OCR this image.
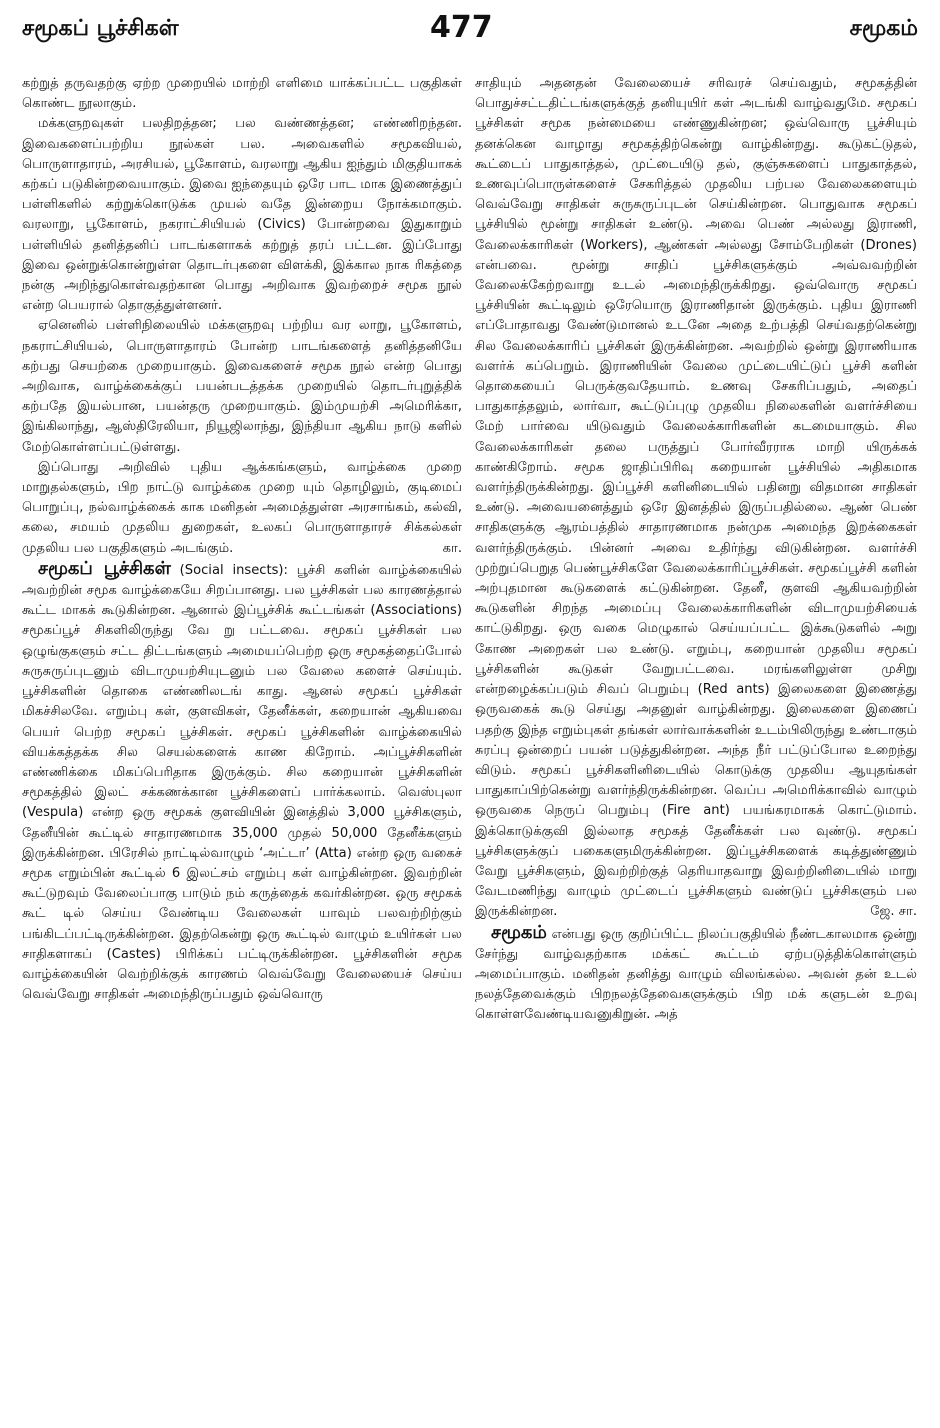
சமூகப் பூச்சிகள்	477	சமூகம்

கற்றுத் தருவதற்கு ஏற்ற முறையில் மாற்றி எளிமை யாக்கப்பட்ட பகுதிகள் கொண்ட நூலாகும்.

மக்களுறவுகள் பலதிறத்தன; பல வண்ணத்தன; எண்ணிறந்தன. இவைகளைப்பற்றிய நூல்கள் பல. அவைகளில் சமூகவியல், பொருளாதாரம், அரசியல், பூகோளம், வரலாறு ஆகிய ஐந்தும் மிகுதியாகக் கற்கப் படுகின்றவையாகும். இவை ஐந்தையும் ஒரே பாட மாக இணைத்துப் பள்ளிகளில் கற்றுக்கொடுக்க முயல் வதே இன்றைய நோக்கமாகும். வரலாறு, பூகோளம், நகராட்சியியல் (Civics) போன்றவை இதுகாறும் பள்ளியில் தனித்தனிப் பாடங்களாகக் கற்றுத் தரப் பட்டன. இப்போது இவை ஒன்றுக்கொன்றுள்ள தொடர்புகளை விளக்கி, இக்கால நாக ரிகத்தை நன்கு அறிந்துகொள்வதற்கான பொது அறிவாக இவற்றைச் சமூக நூல் என்ற பெயரால் தொகுத்துள்ளனர்.

ஏனெனில் பள்ளிநிலையில் மக்களுறவு பற்றிய வர லாறு, பூகோளம், நகராட்சியியல், பொருளாதாரம் போன்ற பாடங்களைத் தனித்தனியே கற்பது செயற்கை முறையாகும். இவைகளைச் சமூக நூல் என்ற பொது அறிவாக, வாழ்க்கைக்குப் பயன்படத்தக்க முறையில் தொடர்புறுத்திக் கற்பதே இயல்பான, பயன்தரு முறையாகும். இம்முயற்சி அமெரிக்கா, இங்கிலாந்து, ஆஸ்திரேலியா, நியூஜிலாந்து, இந்தியா ஆகிய நாடு களில் மேற்கொள்ளப்பட்டுள்ளது.

இப்பொது அறிவில் புதிய ஆக்கங்களும், வாழ்க்கை முறை மாறுதல்களும், பிற நாட்டு வாழ்க்கை முறை யும் தொழிலும், குடிமைப் பொறுப்பு, நல்வாழ்க்கைக் காக மனிதன் அமைத்துள்ள அரசாங்கம், கல்வி, கலை, சமயம் முதலிய துறைகள், உலகப் பொருளாதாரச் சிக்கல்கள் முதலிய பல பகுதிகளும் அடங்கும்.	கா.

சமூகப் பூச்சிகள் (Social insects): பூச்சி களின் வாழ்க்கையில் அவற்றின் சமூக வாழ்க்கையே சிறப்பானது. பல பூச்சிகள் பல காரணத்தால் கூட்ட மாகக் கூடுகின்றன. ஆனால் இப்பூச்சிக் கூட்டங்கள் (Associations) சமூகப்பூச் சிகளிலிருந்து வே று பட்டவை. சமூகப் பூச்சிகள் பல ஒழுங்குகளும் சட்ட திட்டங்களும் அமையப்பெற்ற ஒரு சமூகத்தைப்போல் சுருசுருப்புடனும் விடாமுயற்சியுடனும் பல வேலை களைச் செய்யும். பூச்சிகளின் தொகை எண்ணிலடங் காது. ஆனல் சமூகப் பூச்சிகள் மிகச்சிலவே. எறும்பு கள், குளவிகள், தேனீக்கள், கறையான் ஆகியவை பெயர் பெற்ற சமூகப் பூச்சிகள். சமூகப் பூச்சிகளின் வாழ்க்கையில் வியக்கத்தக்க சில செயல்களைக் காண கிறோம். அப்பூச்சிகளின் எண்ணிக்கை மிகப்பெரிதாக இருக்கும். சில கறையான் பூச்சிகளின் சமூகத்தில் இலட் சக்கணக்கான பூச்சிகளைப் பார்க்கலாம். வெஸ்புலா (Vespula) என்ற ஒரு சமூகக் குளவியின் இனத்தில் 3,000 பூச்சிகளும், தேனீயின் கூட்டில் சாதாரணமாக 35,000 முதல் 50,000 தேனீக்களும் இருக்கின்றன. பிரேசில் நாட்டில்வாழும் ‘அட்டா’ (Atta) என்ற ஒரு வகைச் சமூக எறும்பின் கூட்டில் 6 இலட்சம் எறும்பு கள் வாழ்கின்றன. இவற்றின் கூட்டுறவும் வேலைப்பாகு பாடும் நம் கருத்தைக் கவர்கின்றன. ஒரு சமூகக் கூட் டில் செய்ய வேண்டிய வேலைகள் யாவும் பலவற்றிற்கும் பங்கிடப்பட்டிருக்கின்றன. இதற்கென்று ஒரு கூட்டில் வாழும் உயிர்கள் பல சாதிகளாகப் (Castes) பிரிக்கப் பட்டிருக்கின்றன. பூச்சிகளின் சமூக வாழ்க்கையின் வெற்றிக்குக் காரணம் வெவ்வேறு வேலையைச் செய்ய வெவ்வேறு சாதிகள் அமைந்திருப்பதும் ஒவ்வொரு

சாதியும் அதனதன் வேலையைச் சரிவரச் செய்வதும், சமூகத்தின் பொதுச்சட்டதிட்டங்களுக்குத் தனியுயிர் கள் அடங்கி வாழ்வதுமே. சமூகப் பூச்சிகள் சமூக நன்மையை எண்ணுகின்றன; ஒவ்வொரு பூச்சியும் தனக்கென வாழாது சமூகத்திற்கென்று வாழ்கின்றது. கூடுகட்டுதல், கூட்டைப் பாதுகாத்தல், முட்டையிடு தல், குஞ்சுகளைப் பாதுகாத்தல், உணவுப்பொருள்களைச் சேகரித்தல் முதலிய பற்பல வேலைகளையும் வெவ்வேறு சாதிகள் சுருசுருப்புடன் செய்கின்றன. பொதுவாக சமூகப் பூச்சியில் மூன்று சாதிகள் உண்டு. அவை பெண் அல்லது இராணி, வேலைக்காரிகள் (Workers), ஆண்கள் அல்லது சோம்பேறிகள் (Drones) என்பவை. மூன்று சாதிப் பூச்சிகளுக்கும் அவ்வவற்றின் வேலைக்கேற்றவாறு உடல் அமைந்திருக்கிறது. ஒவ்வொரு சமூகப் பூச்சியின் கூட்டிலும் ஒரேயொரு இராணிதான் இருக்கும். புதிய இராணி எப்போதாவது வேண்டுமானல் உடனே அதை உற்பத்தி செய்வதற்கென்று சில வேலைக்காரிப் பூச்சிகள் இருக்கின்றன. அவற்றில் ஒன்று இராணியாக வளர்க் கப்பெறும். இராணியின் வேலை முட்டையிட்டுப் பூச்சி களின் தொகையைப் பெருக்குவதேயாம். உணவு சேகரிப்பதும், அதைப் பாதுகாத்தலும், லார்வா, கூட்டுப்புழு முதலிய நிலைகளின் வளர்ச்சியை மேற் பார்வை யிடுவதும் வேலைக்காரிகளின் கடமையாகும். சில வேலைக்காரிகள் தலை பருத்துப் போர்வீரராக மாறி யிருக்கக் காண்கிறோம். சமூக ஜாதிப்பிரிவு கறையான் பூச்சியில் அதிகமாக வளர்ந்திருக்கின்றது. இப்பூச்சி களினிடையில் பதினறு விதமான சாதிகள் உண்டு. அவையனைத்தும் ஒரே இனத்தில் இருப்பதில்லை. ஆண் பெண் சாதிகளுக்கு ஆரம்பத்தில் சாதாரணமாக நன்முக அமைந்த இறக்கைகள் வளர்ந்திருக்கும். பின்னர் அவை உதிர்ந்து விடுகின்றன. வளர்ச்சி முற்றுப்பெறுத பெண்பூச்சிகளே வேலைக்காரிப்பூச்சிகள். சமூகப்பூச்சி களின் அற்புதமான கூடுகளைக் கட்டுகின்றன. தேனீ, குளவி ஆகியவற்றின் கூடுகளின் சிறந்த அமைப்பு வேலைக்காரிகளின் விடாமுயற்சியைக் காட்டுகிறது. ஒரு வகை மெழுகால் செய்யப்பட்ட இக்கூடுகளில் அறு கோண அறைகள் பல உண்டு. எறும்பு, கறையான் முதலிய சமூகப் பூச்சிகளின் கூடுகள் வேறுபட்டவை. மரங்களிலுள்ள முசிறு என்றழைக்கப்படும் சிவப் பெறும்பு (Red ants) இலைகளை இணைத்து ஒருவகைக் கூடு செய்து அதனுள் வாழ்கின்றது. இலைகளை இணைப் பதற்கு இந்த எறும்புகள் தங்கள் லார்வாக்களின் உடம்பிலிருந்து உண்டாகும் சுரப்பு ஒன்றைப் பயன் படுத்துகின்றன. அந்த நீர் பட்டுப்போல உறைந்து விடும். சமூகப் பூச்சிகளினிடையில் கொடுக்கு முதலிய ஆயுதங்கள் பாதுகாப்பிற்கென்று வளர்ந்திருக்கின்றன. வெப்ப அமெரிக்காவில் வாழும் ஒருவகை நெருப் பெறும்பு (Fire ant) பயங்கரமாகக் கொட்டுமாம். இக்கொடுக்குவி இல்லாத சமூகத் தேனீக்கள் பல வுண்டு. சமூகப் பூச்சிகளுக்குப் பகைகளுமிருக்கின்றன. இப்பூச்சிகளைக் கடித்துண்ணும் வேறு பூச்சிகளும், இவற்றிற்குத் தெரியாதவாறு இவற்றினிடையில் மாறு வேடமணிந்து வாழும் முட்டைப் பூச்சிகளும் வண்டுப் பூச்சிகளும் பல இருக்கின்றன.	ஜே. சா.

சமூகம் என்பது ஒரு குறிப்பிட்ட நிலப்பகுதியில் நீண்டகாலமாக ஒன்று சேர்ந்து வாழ்வதற்காக மக்கட் கூட்டம் ஏற்படுத்திக்கொள்ளும் அமைப்பாகும். மனிதன் தனித்து வாழும் விலங்கல்ல. அவன் தன் உடல் நலத்தேவைக்கும் பிறநலத்தேவைகளுக்கும் பிற மக் களுடன் உறவு கொள்ளவேண்டியவனுகிறுன். அத்
